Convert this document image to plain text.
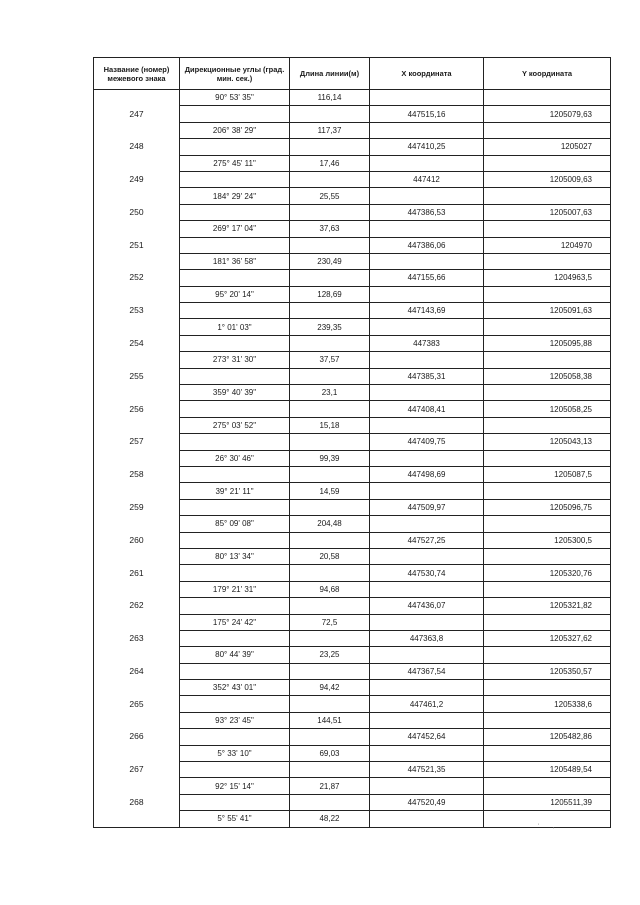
Название (номер) межевого знака	Дирекционные углы (град. мин. сек.)	Длина линии(м)	X координата	Y координата
	90° 53' 35"	116,14		
247			447515,16	1205079,63
	206° 38' 29"	117,37		
248			447410,25	1205027
	275° 45' 11"	17,46		
249			447412	1205009,63
	184° 29' 24"	25,55		
250			447386,53	1205007,63
	269° 17' 04"	37,63		
251			447386,06	1204970
	181° 36' 58"	230,49		
252			447155,66	1204963,5
	95° 20' 14"	128,69		
253			447143,69	1205091,63
	1° 01' 03"	239,35		
254			447383	1205095,88
	273° 31' 30"	37,57		
255			447385,31	1205058,38
	359° 40' 39"	23,1		
256			447408,41	1205058,25
	275° 03' 52"	15,18		
257			447409,75	1205043,13
	26° 30' 46"	99,39		
258			447498,69	1205087,5
	39° 21' 11"	14,59		
259			447509,97	1205096,75
	85° 09' 08"	204,48		
260			447527,25	1205300,5
	80° 13' 34"	20,58		
261			447530,74	1205320,76
	179° 21' 31"	94,68		
262			447436,07	1205321,82
	175° 24' 42"	72,5		
263			447363,8	1205327,62
	80° 44' 39"	23,25		
264			447367,54	1205350,57
	352° 43' 01"	94,42		
265			447461,2	1205338,6
	93° 23' 45"	144,51		
266			447452,64	1205482,86
	5° 33' 10"	69,03		
267			447521,35	1205489,54
	92° 15' 14"	21,87		
268			447520,49	1205511,39
	5° 55' 41"	48,22		
' ,
